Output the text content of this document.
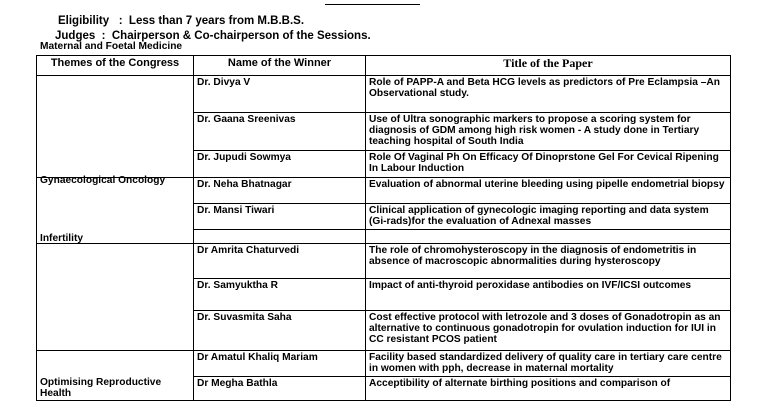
Eligibility   :  Less than 7 years from M.B.B.S.
Judges  :  Chairperson & Co-chairperson of the Sessions.
Themes of the Congress	Name of the Winner	Title of the Paper

Maternal and Foetal Medicine	Dr. Divya V	Role of PAPP-A and Beta HCG levels as predictors of Pre Eclampsia –An Observational study.
	Dr. Gaana Sreenivas	Use of Ultra sonographic markers to propose a scoring system for diagnosis of GDM among high risk women - A study done in Tertiary teaching hospital of South India
	Dr. Jupudi Sowmya	Role Of Vaginal Ph On Efficacy Of Dinoprstone Gel For Cevical Ripening In Labour Induction

Gynaecological Oncology	Dr. Neha Bhatnagar	Evaluation of abnormal uterine bleeding using pipelle endometrial biopsy
	Dr. Mansi Tiwari	Clinical application of gynecologic imaging reporting and data system (Gi-rads)for the evaluation of Adnexal masses

Infertility	Dr Amrita Chaturvedi	The role of chromohysteroscopy in the diagnosis of endometritis in absence of macroscopic abnormalities during hysteroscopy
	Dr. Samyuktha R	Impact of anti-thyroid peroxidase antibodies on IVF/ICSI outcomes
	Dr. Suvasmita Saha	Cost effective protocol with letrozole and 3 doses of Gonadotropin as an alternative to continuous gonadotropin for ovulation induction for IUI in CC resistant PCOS patient

Optimising Reproductive Health	Dr Amatul Khaliq Mariam	Facility based standardized delivery of quality care in tertiary care centre in women with pph, decrease in maternal mortality
	Dr Megha Bathla	Acceptibility of alternate birthing positions and comparison of
